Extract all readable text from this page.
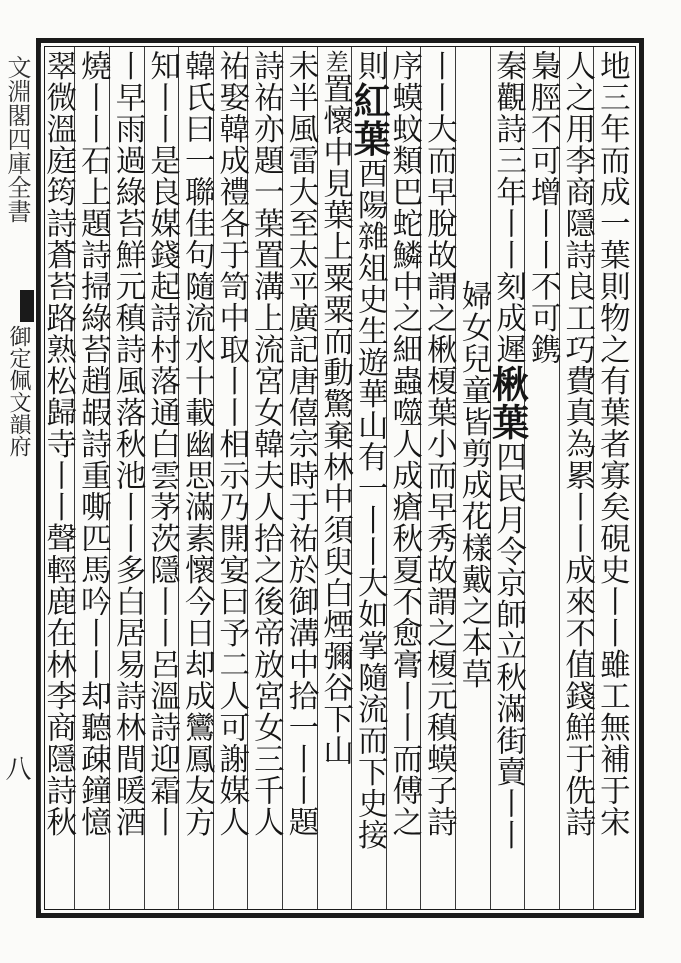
文淵閣四庫全書
御定佩文韻府
八	地三年而成一葉則物之有葉者寡矣硯史丨丨雖工無補于宋
人之用李商隱詩良工巧費真為累丨丨成來不值錢鮮于侁詩
梟脛不可增丨丨不可鎸
秦觀詩三年丨丨刻成遲楸葉四民月令京師立秋滿街賣丨丨
婦女兒童皆剪成花樣戴之本草
丨丨大而早脫故謂之楸榎葉小而早秀故謂之榎元稹蟆子詩
序蟆蚊類巴蛇鱗中之細蟲噬人成瘡秋夏不愈膏丨丨而傅之
則紅葉酉陽雜俎史生遊華山有一丨丨大如掌隨流而下史接
差置懷中見葉上粟粟而動驚棄林中須臾白煙彌谷下山
未半風雷大至太平廣記唐僖宗時于祐於御溝中拾一丨丨題
詩祐亦題一葉置溝上流宮女韓夫人拾之後帝放宮女三千人
祐娶韓成禮各于笥中取丨丨相示乃開宴曰予二人可謝媒人
韓氏曰一聯佳句隨流水十載幽思滿素懷今日却成鸞鳳友方
知丨丨是良媒錢起詩村落通白雲茅茨隱丨丨呂溫詩迎霜丨
丨早雨過綠苔鮮元稹詩風落秋池丨丨多白居易詩林間暖酒
燒丨丨石上題詩掃綠苔趙嘏詩重嘶匹馬吟丨丨却聽疎鐘憶
翠微溫庭筠詩蒼苔路熟松歸寺丨丨聲輕鹿在林李商隱詩秋
